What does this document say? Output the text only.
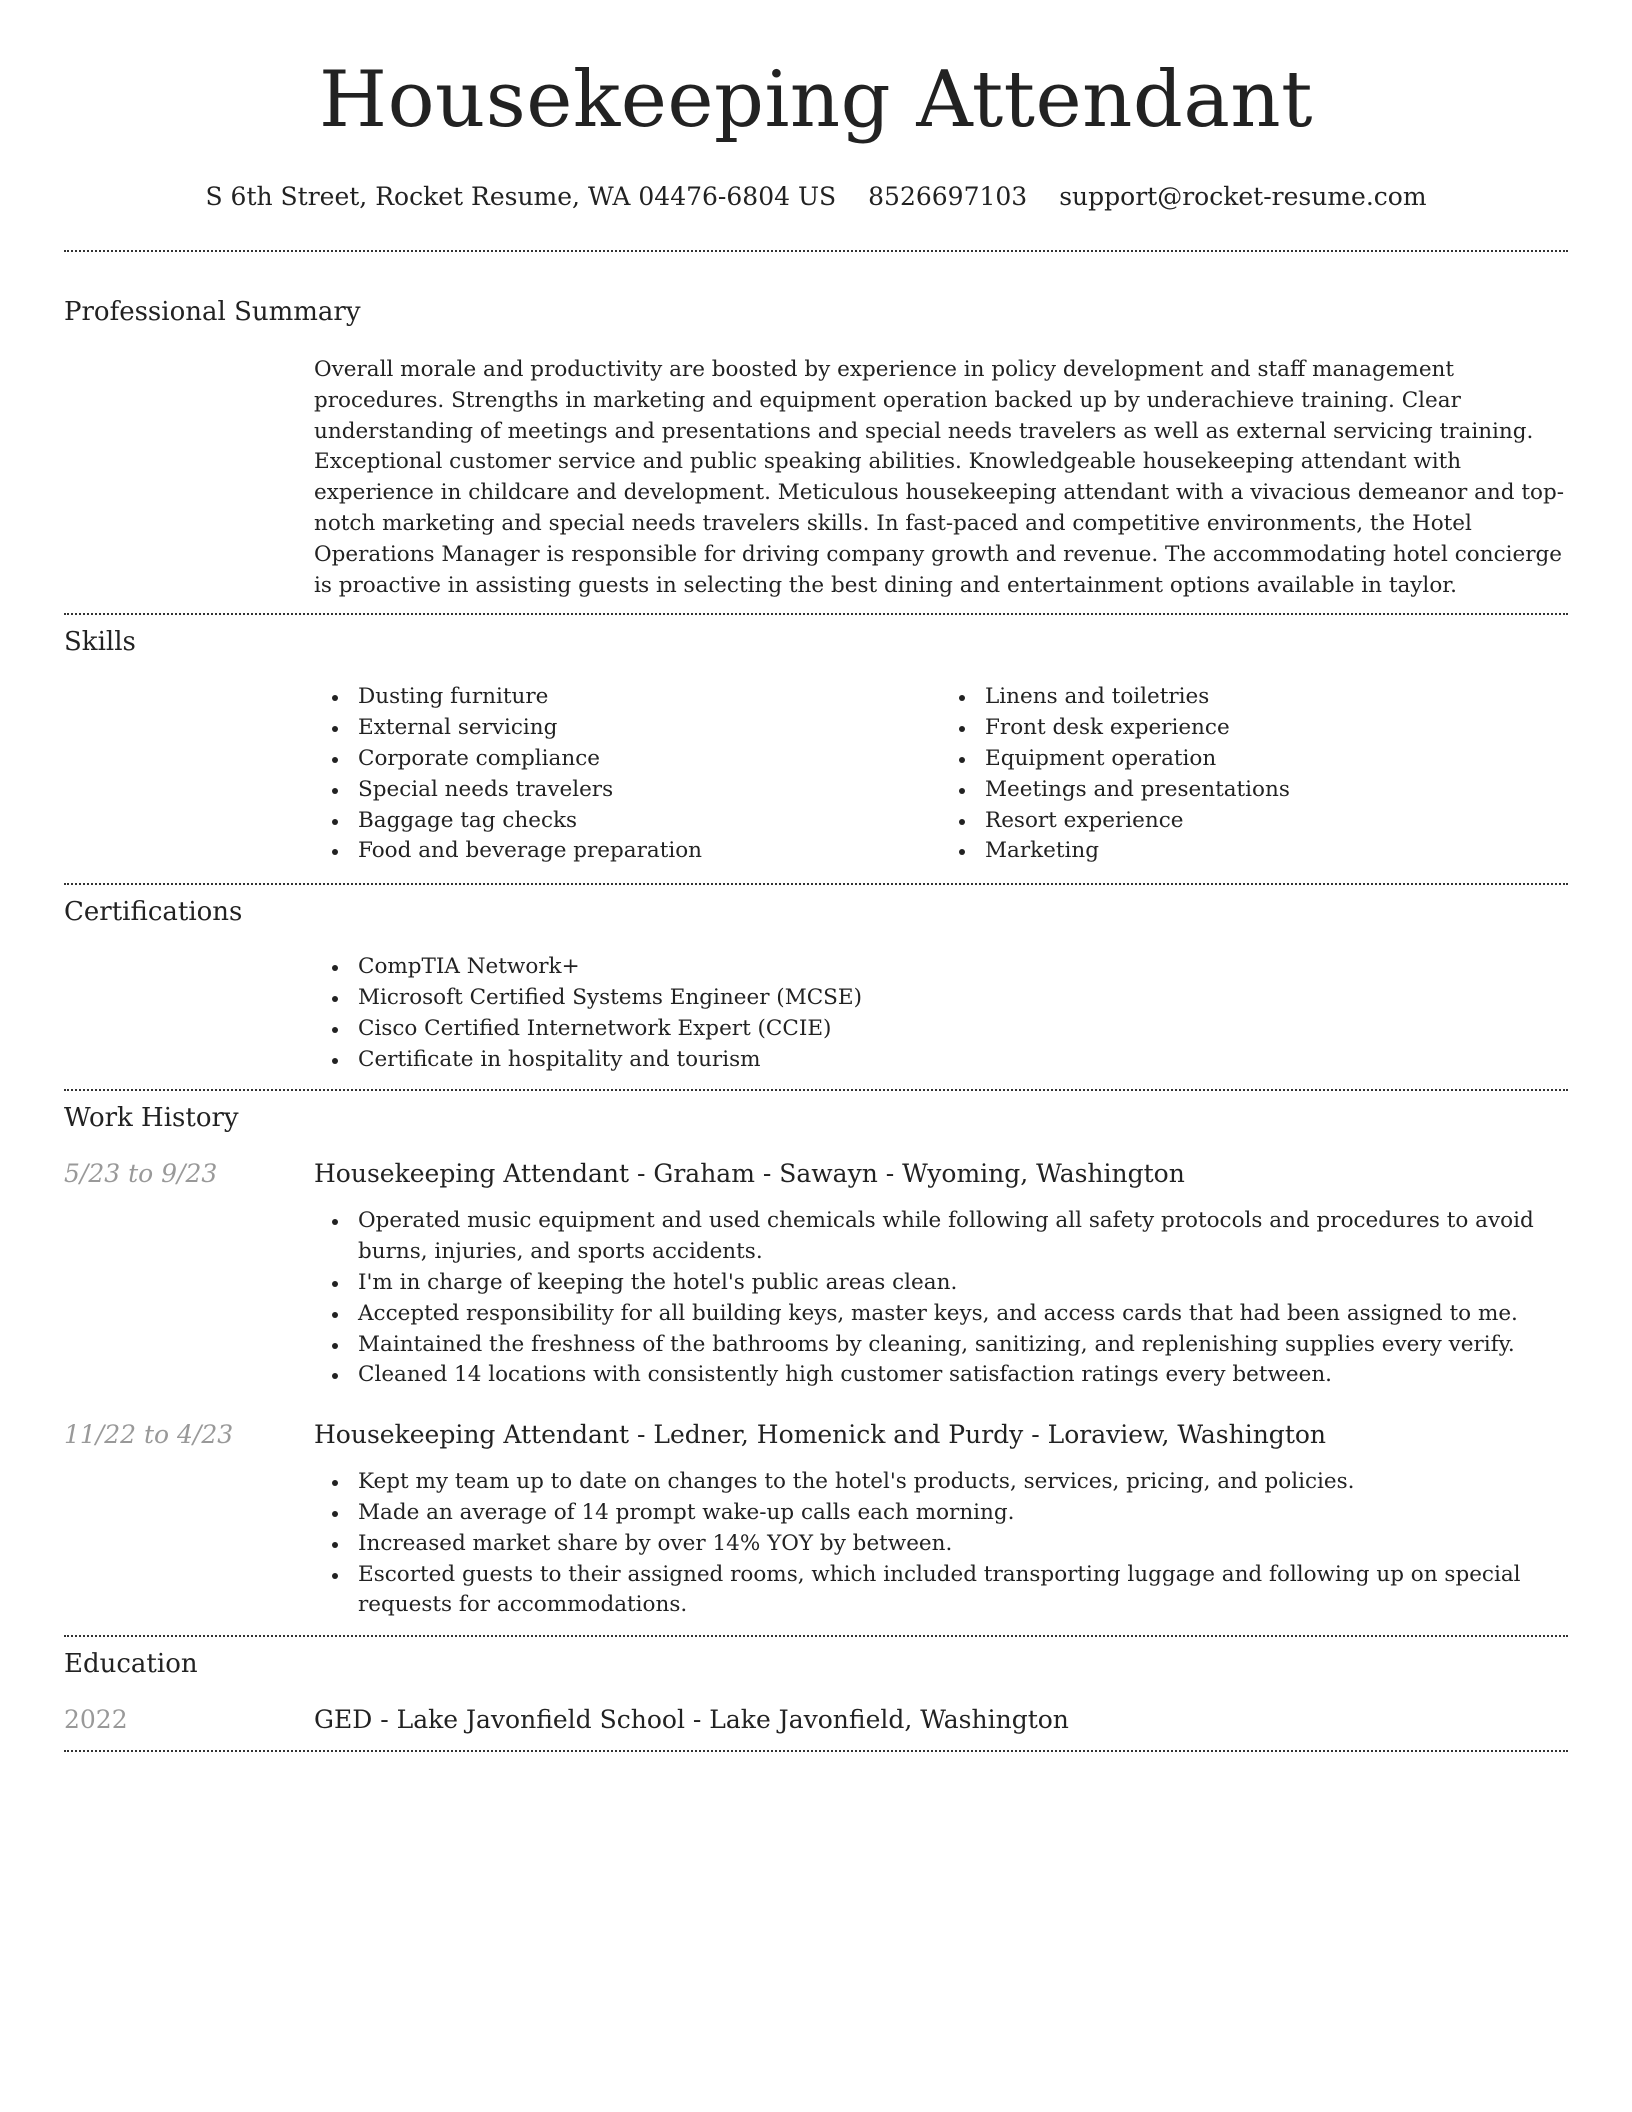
Housekeeping Attendant
S 6th Street, Rocket Resume, WA 04476-6804 US 8526697103 support@rocket-resume.com
Professional Summary

Overall morale and productivity are boosted by experience in policy development and staff management procedures. Strengths in marketing and equipment operation backed up by underachieve training. Clear understanding of meetings and presentations and special needs travelers as well as external servicing training. Exceptional customer service and public speaking abilities. Knowledgeable housekeeping attendant with experience in childcare and development. Meticulous housekeeping attendant with a vivacious demeanor and top-notch marketing and special needs travelers skills. In fast-paced and competitive environments, the Hotel Operations Manager is responsible for driving company growth and revenue. The accommodating hotel concierge is proactive in assisting guests in selecting the best dining and entertainment options available in taylor.

Skills
Dusting furniture
External servicing
Corporate compliance
Special needs travelers
Baggage tag checks
Food and beverage preparation
Linens and toiletries
Front desk experience
Equipment operation
Meetings and presentations
Resort experience
Marketing
Certifications
CompTIA Network+
Microsoft Certified Systems Engineer (MCSE)
Cisco Certified Internetwork Expert (CCIE)
Certificate in hospitality and tourism
Work History
5/23 to 9/23	Housekeeping Attendant - Graham - Sawayn - Wyoming, Washington
Operated music equipment and used chemicals while following all safety protocols and procedures to avoid burns, injuries, and sports accidents.
I'm in charge of keeping the hotel's public areas clean.
Accepted responsibility for all building keys, master keys, and access cards that had been assigned to me.
Maintained the freshness of the bathrooms by cleaning, sanitizing, and replenishing supplies every verify.
Cleaned 14 locations with consistently high customer satisfaction ratings every between.
11/22 to 4/23	Housekeeping Attendant - Ledner, Homenick and Purdy - Loraview, Washington
Kept my team up to date on changes to the hotel's products, services, pricing, and policies.
Made an average of 14 prompt wake-up calls each morning.
Increased market share by over 14% YOY by between.
Escorted guests to their assigned rooms, which included transporting luggage and following up on special requests for accommodations.
Education
2022	GED - Lake Javonfield School - Lake Javonfield, Washington
